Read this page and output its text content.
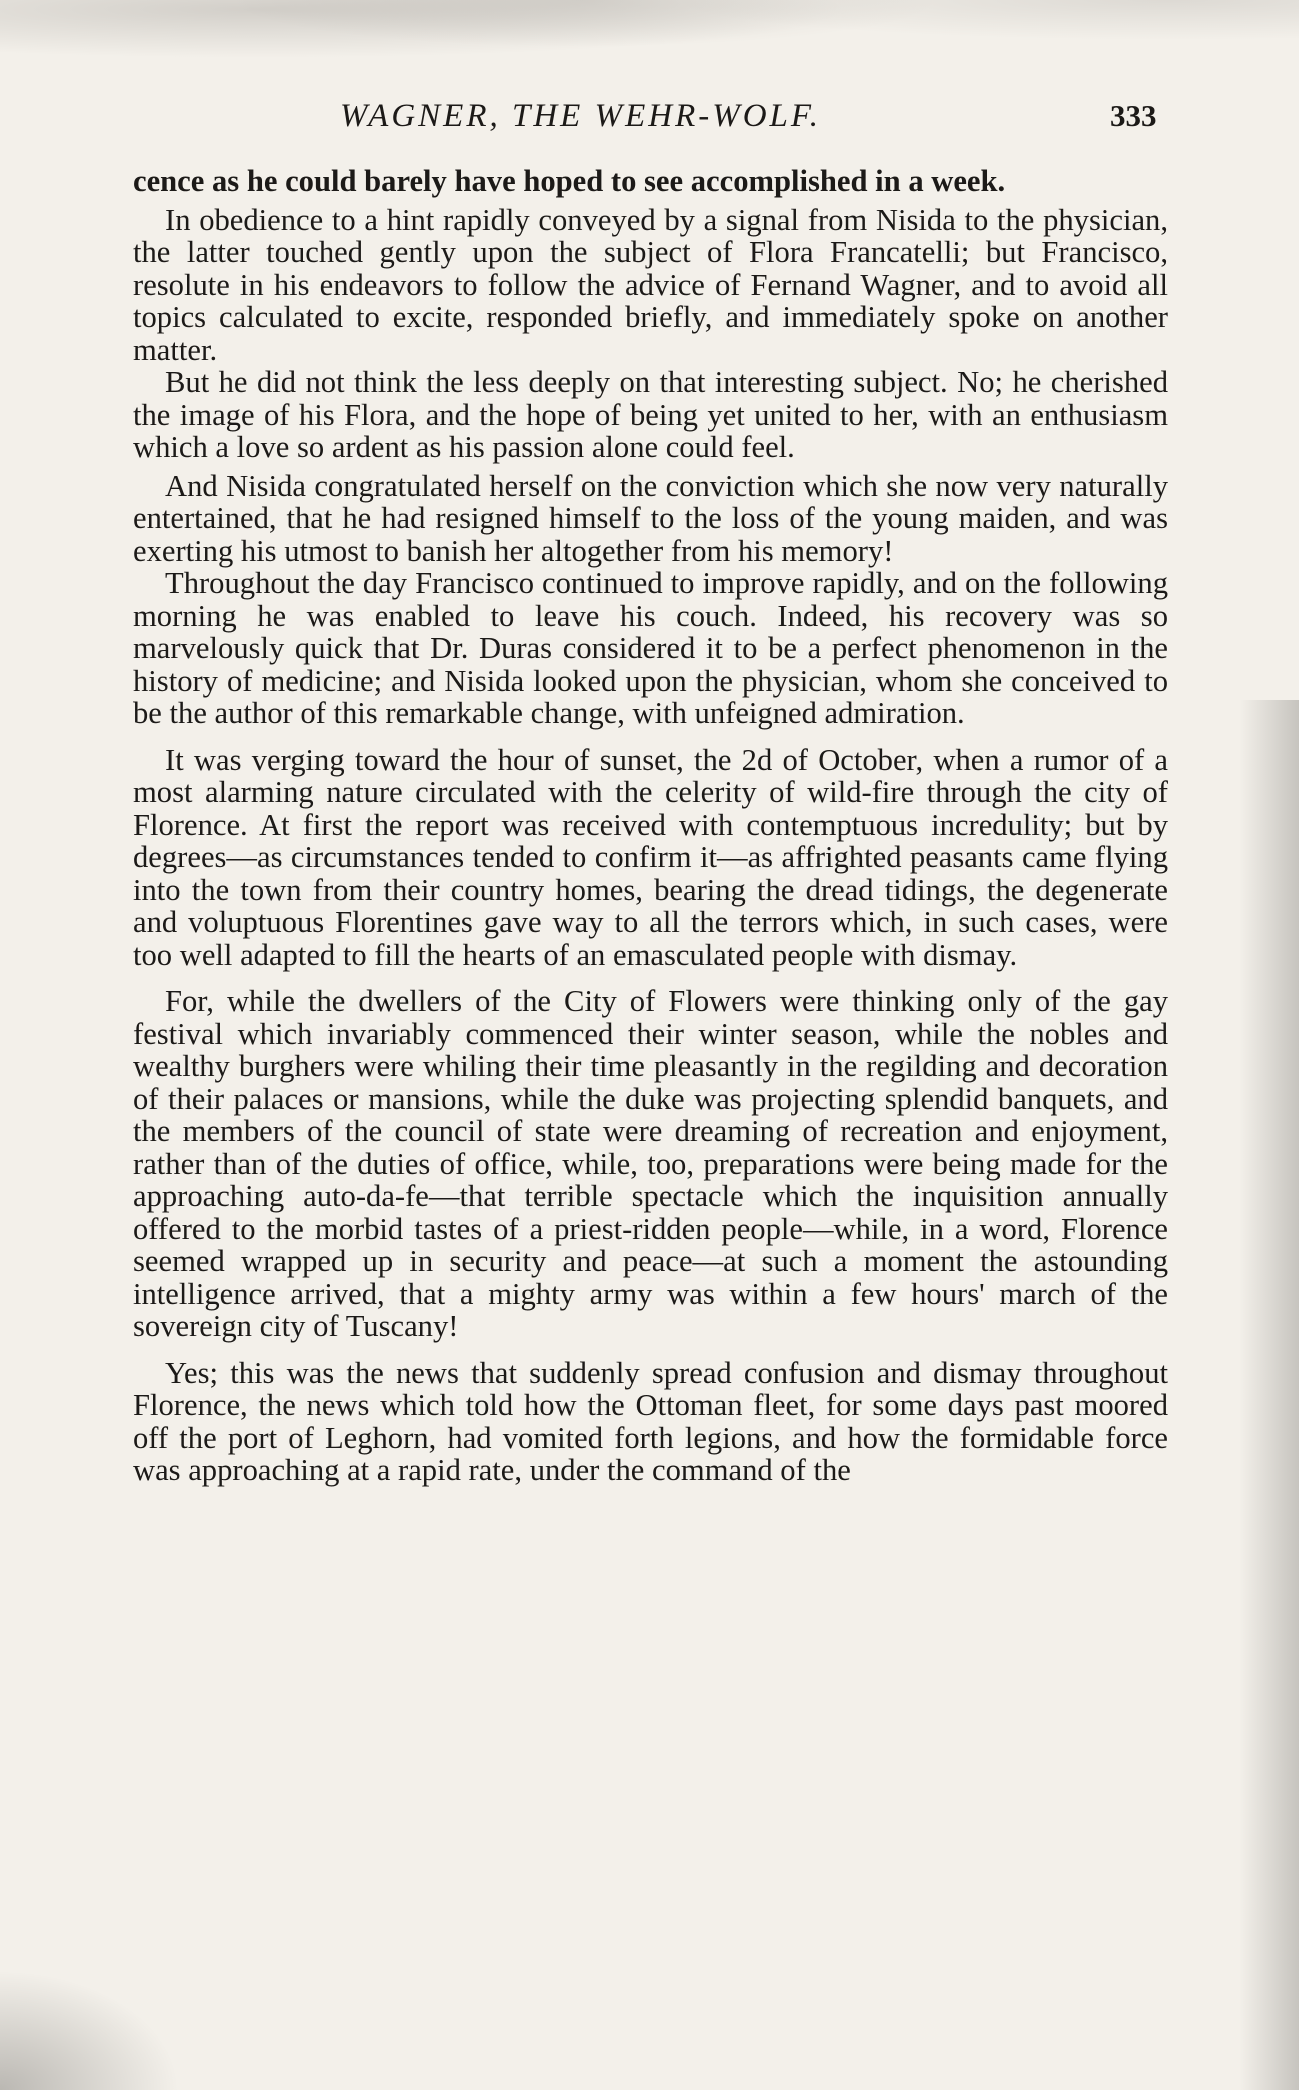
WAGNER, THE WEHR-WOLF.	333

cence as he could barely have hoped to see accomplished in a week.

In obedience to a hint rapidly conveyed by a signal from Nisida to the physician, the latter touched gently upon the subject of Flora Francatelli; but Francisco, resolute in his endeavors to follow the advice of Fernand Wagner, and to avoid all topics calculated to excite, responded briefly, and immediately spoke on another matter.

But he did not think the less deeply on that interesting subject. No; he cherished the image of his Flora, and the hope of being yet united to her, with an enthusiasm which a love so ardent as his passion alone could feel.

And Nisida congratulated herself on the conviction which she now very naturally entertained, that he had resigned himself to the loss of the young maiden, and was exerting his utmost to banish her altogether from his memory!

Throughout the day Francisco continued to improve rapidly, and on the following morning he was enabled to leave his couch. Indeed, his recovery was so marvelously quick that Dr. Duras considered it to be a perfect phenomenon in the history of medicine; and Nisida looked upon the physician, whom she conceived to be the author of this remarkable change, with unfeigned admiration.

It was verging toward the hour of sunset, the 2d of October, when a rumor of a most alarming nature circulated with the celerity of wild-fire through the city of Florence. At first the report was received with contemptuous incredulity; but by degrees—as circumstances tended to confirm it—as affrighted peasants came flying into the town from their country homes, bearing the dread tidings, the degenerate and voluptuous Florentines gave way to all the terrors which, in such cases, were too well adapted to fill the hearts of an emasculated people with dismay.

For, while the dwellers of the City of Flowers were thinking only of the gay festival which invariably commenced their winter season, while the nobles and wealthy burghers were whiling their time pleasantly in the regilding and decoration of their palaces or mansions, while the duke was projecting splendid banquets, and the members of the council of state were dreaming of recreation and enjoyment, rather than of the duties of office, while, too, preparations were being made for the approaching auto-da-fe—that terrible spectacle which the inquisition annually offered to the morbid tastes of a priest-ridden people—while, in a word, Florence seemed wrapped up in security and peace—at such a moment the astounding intelligence arrived, that a mighty army was within a few hours' march of the sovereign city of Tuscany!

Yes; this was the news that suddenly spread confusion and dismay throughout Florence, the news which told how the Ottoman fleet, for some days past moored off the port of Leghorn, had vomited forth legions, and how the formidable force was approaching at a rapid rate, under the command of the
